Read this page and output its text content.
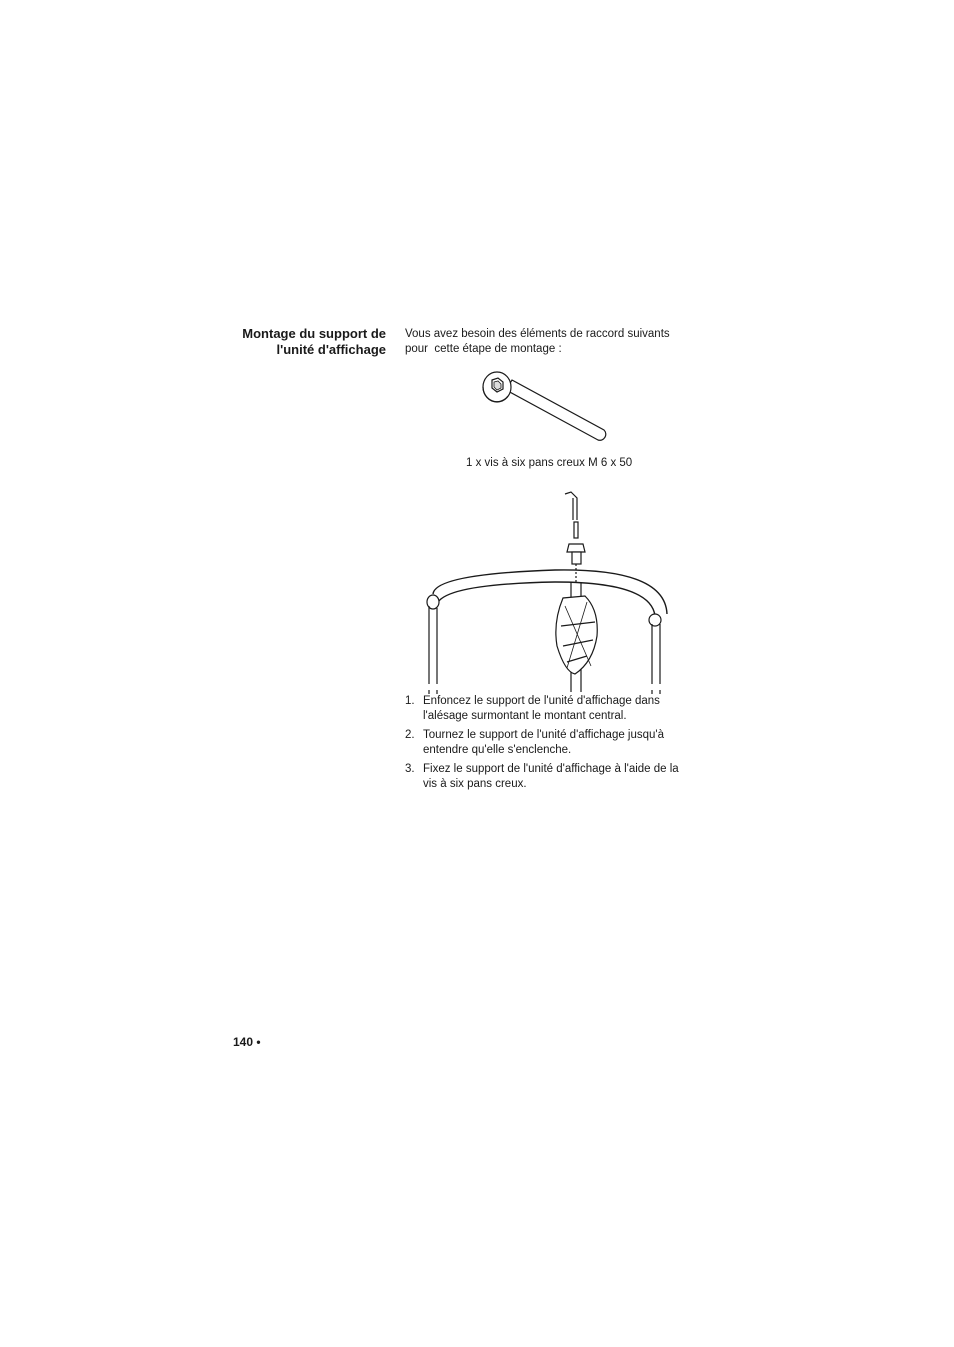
Montage du support de
l'unité d'affichage
Vous avez besoin des éléments de raccord suivants
pour  cette étape de montage :
1 x vis à six pans creux M 6 x 50
1. Enfoncez le support de l'unité d'affichage dans l'alésage surmontant le montant central.
2. Tournez le support de l'unité d'affichage jusqu'à entendre qu'elle s'enclenche.
3. Fixez le support de l'unité d'affichage à l'aide de la vis à six pans creux.
140 •
